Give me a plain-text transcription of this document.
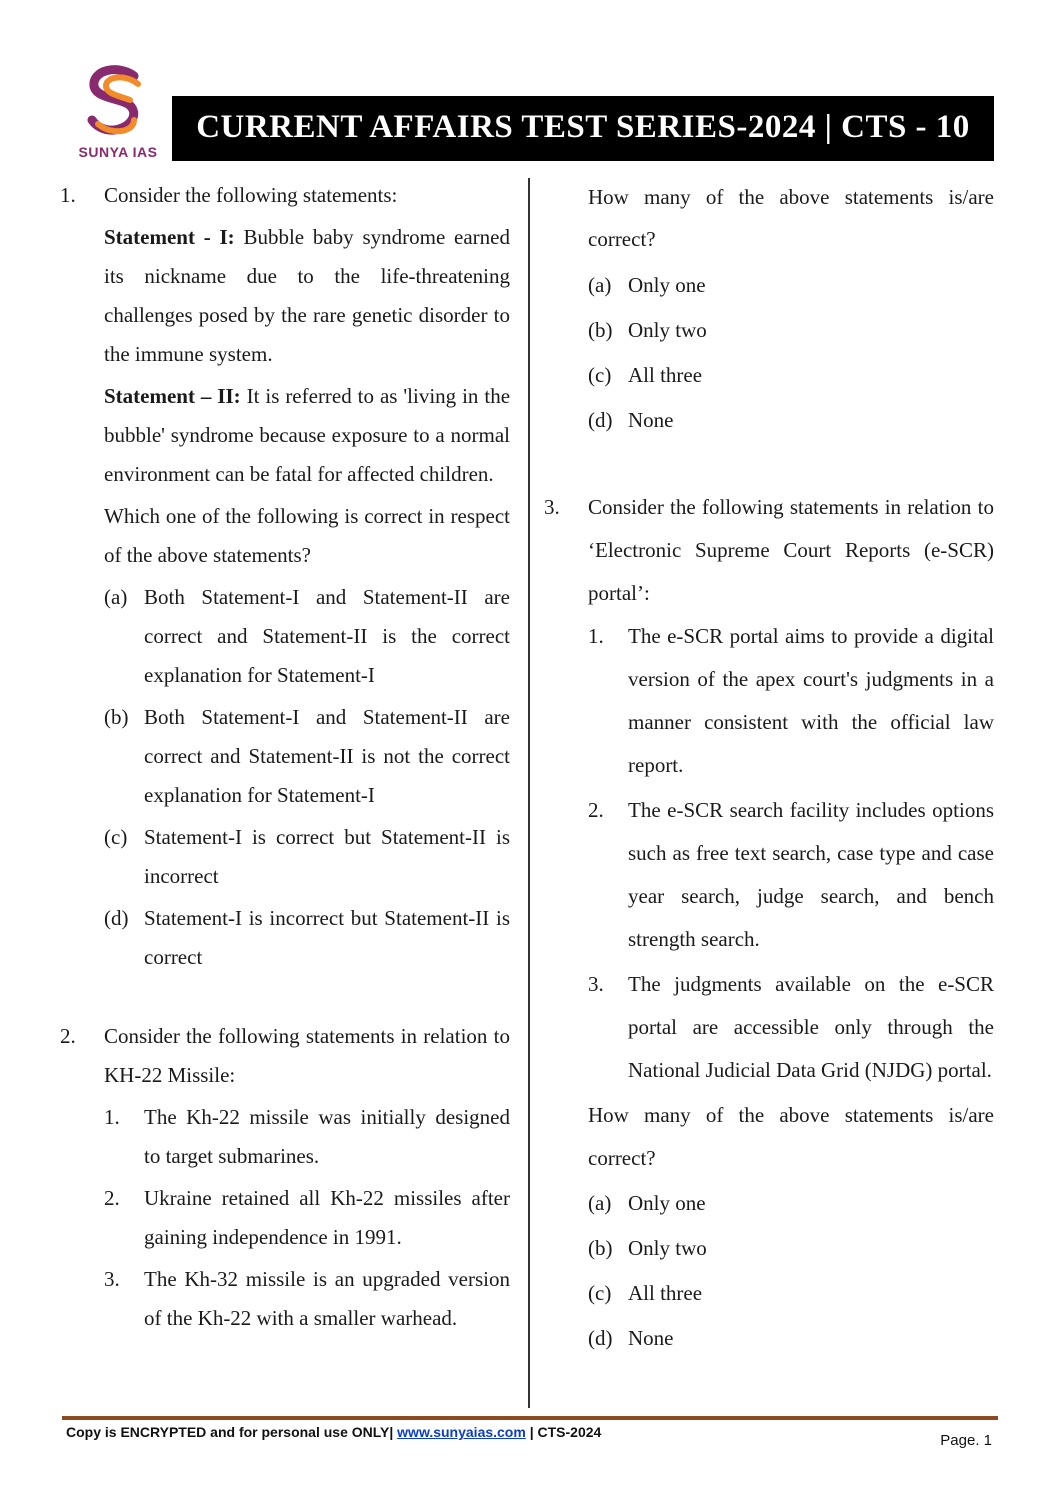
SUNYA IAS
CURRENT AFFAIRS TEST SERIES-2024 | CTS - 10
1.	Consider the following statements:

Statement - I: Bubble baby syndrome earned its nickname due to the life-threatening challenges posed by the rare genetic disorder to the immune system.

Statement – II: It is referred to as 'living in the bubble' syndrome because exposure to a normal environment can be fatal for affected children.

Which one of the following is correct in respect of the above statements?

(a) Both Statement-I and Statement-II are correct and Statement-II is the correct explanation for Statement-I
(b) Both Statement-I and Statement-II are correct and Statement-II is not the correct explanation for Statement-I
(c) Statement-I is correct but Statement-II is incorrect
(d) Statement-I is incorrect but Statement-II is correct
2.	Consider the following statements in relation to KH-22 Missile:

1.	The Kh-22 missile was initially designed to target submarines.
2.	Ukraine retained all Kh-22 missiles after gaining independence in 1991.
3.	The Kh-32 missile is an upgraded version of the Kh-22 with a smaller warhead.

How many of the above statements is/are correct?

(a) Only one
(b) Only two
(c) All three
(d) None
3.	Consider the following statements in relation to ‘Electronic Supreme Court Reports (e-SCR) portal’:

1.	The e-SCR portal aims to provide a digital version of the apex court's judgments in a manner consistent with the official law report.
2.	The e-SCR search facility includes options such as free text search, case type and case year search, judge search, and bench strength search.
3.	The judgments available on the e-SCR portal are accessible only through the National Judicial Data Grid (NJDG) portal.

How many of the above statements is/are correct?

(a) Only one
(b) Only two
(c) All three
(d) None
Copy is ENCRYPTED and for personal use ONLY| www.sunyaias.com | CTS-2024	Page. 1
